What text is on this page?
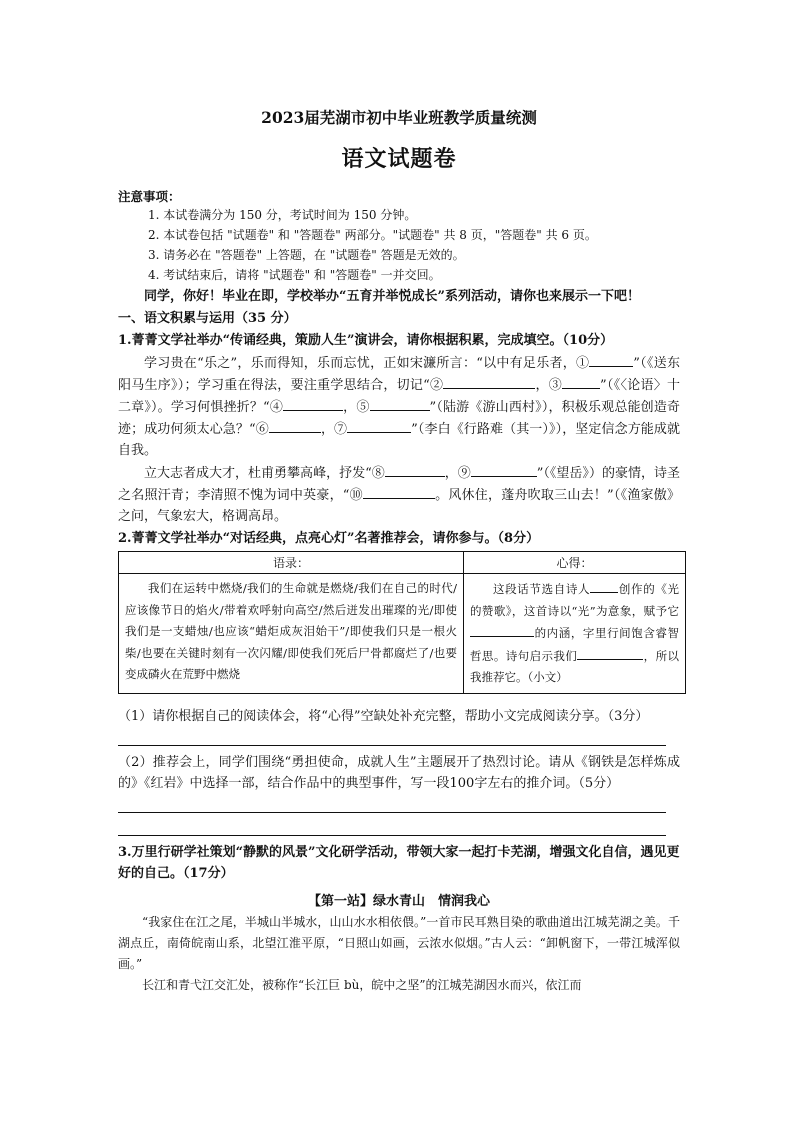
2023届芜湖市初中毕业班教学质量统测
语文试题卷
注意事项：
1. 本试卷满分为 150 分，考试时间为 150 分钟。
2. 本试卷包括 "试题卷" 和 "答题卷" 两部分。"试题卷" 共 8 页，"答题卷" 共 6 页。
3. 请务必在 "答题卷" 上答题，在 "试题卷" 答题是无效的。
4. 考试结束后，请将 "试题卷" 和 "答题卷" 一并交回。
同学，你好！毕业在即，学校举办“五育并举悦成长”系列活动，请你也来展示一下吧！
一、语文积累与运用（35 分）
1.菁菁文学社举办“传诵经典，策励人生”演讲会，请你根据积累，完成填空。（10分）
学习贵在“乐之”，乐而得知，乐而忘忧，正如宋濂所言：“以中有足乐者，①	”（《送东阳马生序》）；学习重在得法，要注重学思结合，切记“②	，③	”（《〈论语〉十二章》）。学习何惧挫折？“④	，⑤	”（陆游《游山西村》），积极乐观总能创造奇迹；成功何须太心急？“⑥	，⑦	”（李白《行路难（其一）》），坚定信念方能成就自我。
立大志者成大才，杜甫勇攀高峰，抒发“⑧	，⑨	”（《望岳》）的豪情，诗圣之名照汗青；李清照不愧为词中英豪，“⑩	。风休住，蓬舟吹取三山去！”（《渔家傲》之问，气象宏大，格调高昂。
2.菁菁文学社举办“对话经典，点亮心灯”名著推荐会，请你参与。（8分）
语录：	心得：
我们在运转中燃烧/我们的生命就是燃烧/我们在自己的时代/应该像节日的焰火/带着欢呼射向高空/然后迸发出璀璨的光/即使我们是一支蜡烛/也应该“蜡炬成灰泪始干”/即使我们只是一根火柴/也要在关键时刻有一次闪耀/即使我们死后尸骨都腐烂了/也要变成磷火在荒野中燃烧	这段话节选自诗人 创作的《光的赞歌》，这首诗以“光”为意象，赋予它的内涵，字里行间饱含睿智哲思。诗句启示我们 ，所以我推荐它。（小文）
（1）请你根据自己的阅读体会，将“心得”空缺处补充完整，帮助小文完成阅读分享。（3分）
（2）推荐会上，同学们围绕“勇担使命，成就人生”主题展开了热烈讨论。请从《钢铁是怎样炼成的》《红岩》中选择一部，结合作品中的典型事件，写一段100字左右的推介词。（5分）
3.万里行研学社策划“静默的风景”文化研学活动，带领大家一起打卡芜湖，增强文化自信，遇见更好的自己。（17分）
【第一站】绿水青山　情润我心
“我家住在江之尾，半城山半城水，山山水水相依偎。”一首市民耳熟目染的歌曲道出江城芜湖之美。千湖点丘，南倚皖南山系，北望江淮平原，“日照山如画，云浓水似烟。”古人云：“卸帆窗下，一带江城浑似画。”
长江和青弋江交汇处，被称作“长江巨 bù，皖中之坚”的江城芜湖因水而兴，依江而
